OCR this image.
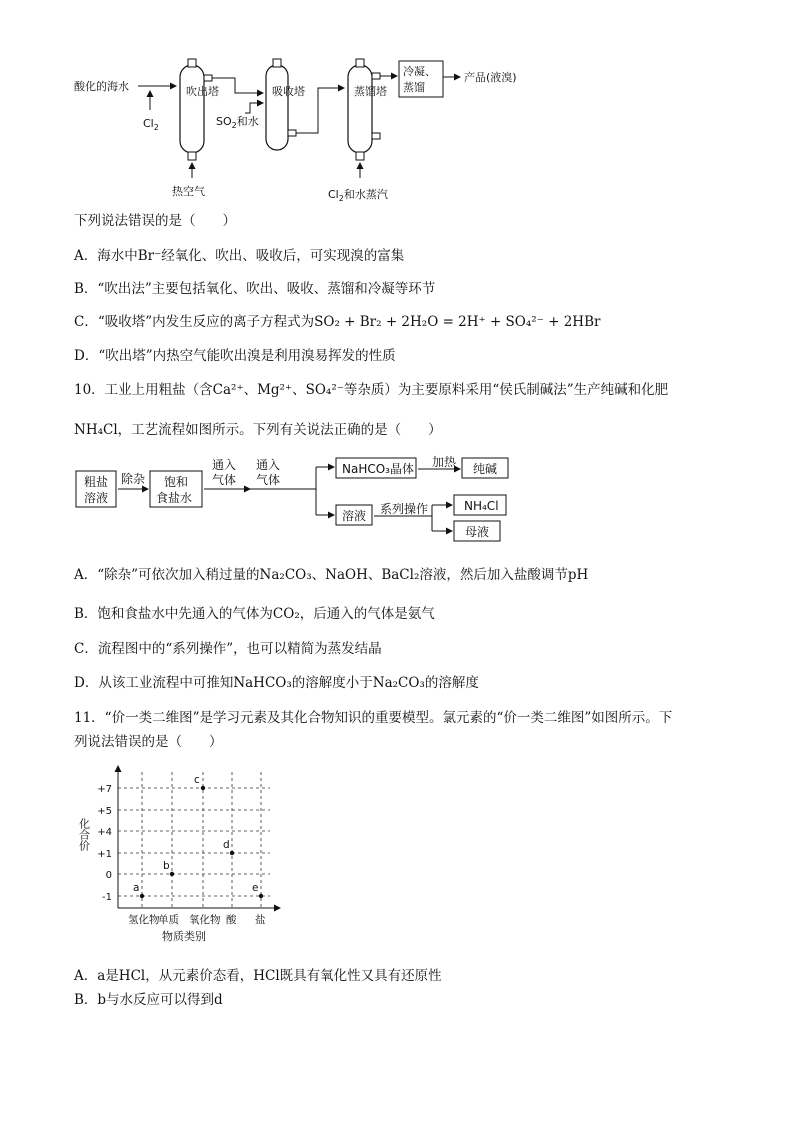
酸化的海水
$Cl_2$
吹出塔
热空气
$SO_2$和水
吸收塔	蒸馏塔
$Cl_2$和水蒸汽
冷凝、
蒸馏
产品(液溴)
下列说法错误的是（　　）
A．海水中Br⁻经氧化、吹出、吸收后，可实现溴的富集
B．“吹出法”主要包括氧化、吹出、吸收、蒸馏和冷凝等环节
C．“吸收塔”内发生反应的离子方程式为SO₂ + Br₂ + 2H₂O = 2H⁺ + SO₄²⁻ + 2HBr
D．“吹出塔”内热空气能吹出溴是利用溴易挥发的性质
10．工业上用粗盐（含Ca²⁺、Mg²⁺、SO₄²⁻等杂质）为主要原料采用“侯氏制碱法”生产纯碱和化肥
NH₄Cl，工艺流程如图所示。下列有关说法正确的是（　　）
粗盐
溶液
除杂 饱和
食盐水
通入
气体
通入
气体
NaHCO₃晶体 加热 纯碱
溶液 系列操作	NH₄Cl
母液
A．“除杂”可依次加入稍过量的Na₂CO₃、NaOH、BaCl₂溶液，然后加入盐酸调节pH
B．饱和食盐水中先通入的气体为CO₂，后通入的气体是氨气
C．流程图中的“系列操作”，也可以精简为蒸发结晶
D．从该工业流程中可推知NaHCO₃的溶解度小于Na₂CO₃的溶解度
11．“价一类二维图”是学习元素及其化合物知识的重要模型。氯元素的“价一类二维图”如图所示。下
列说法错误的是（　　）
+7
+5
+4
+1
0
-1
氢化物
单质 氧化物 酸 盐
化合价
物质类别
a
b
c
d
e
A．a是HCl，从元素价态看，HCl既具有氧化性又具有还原性
B．b与水反应可以得到d
